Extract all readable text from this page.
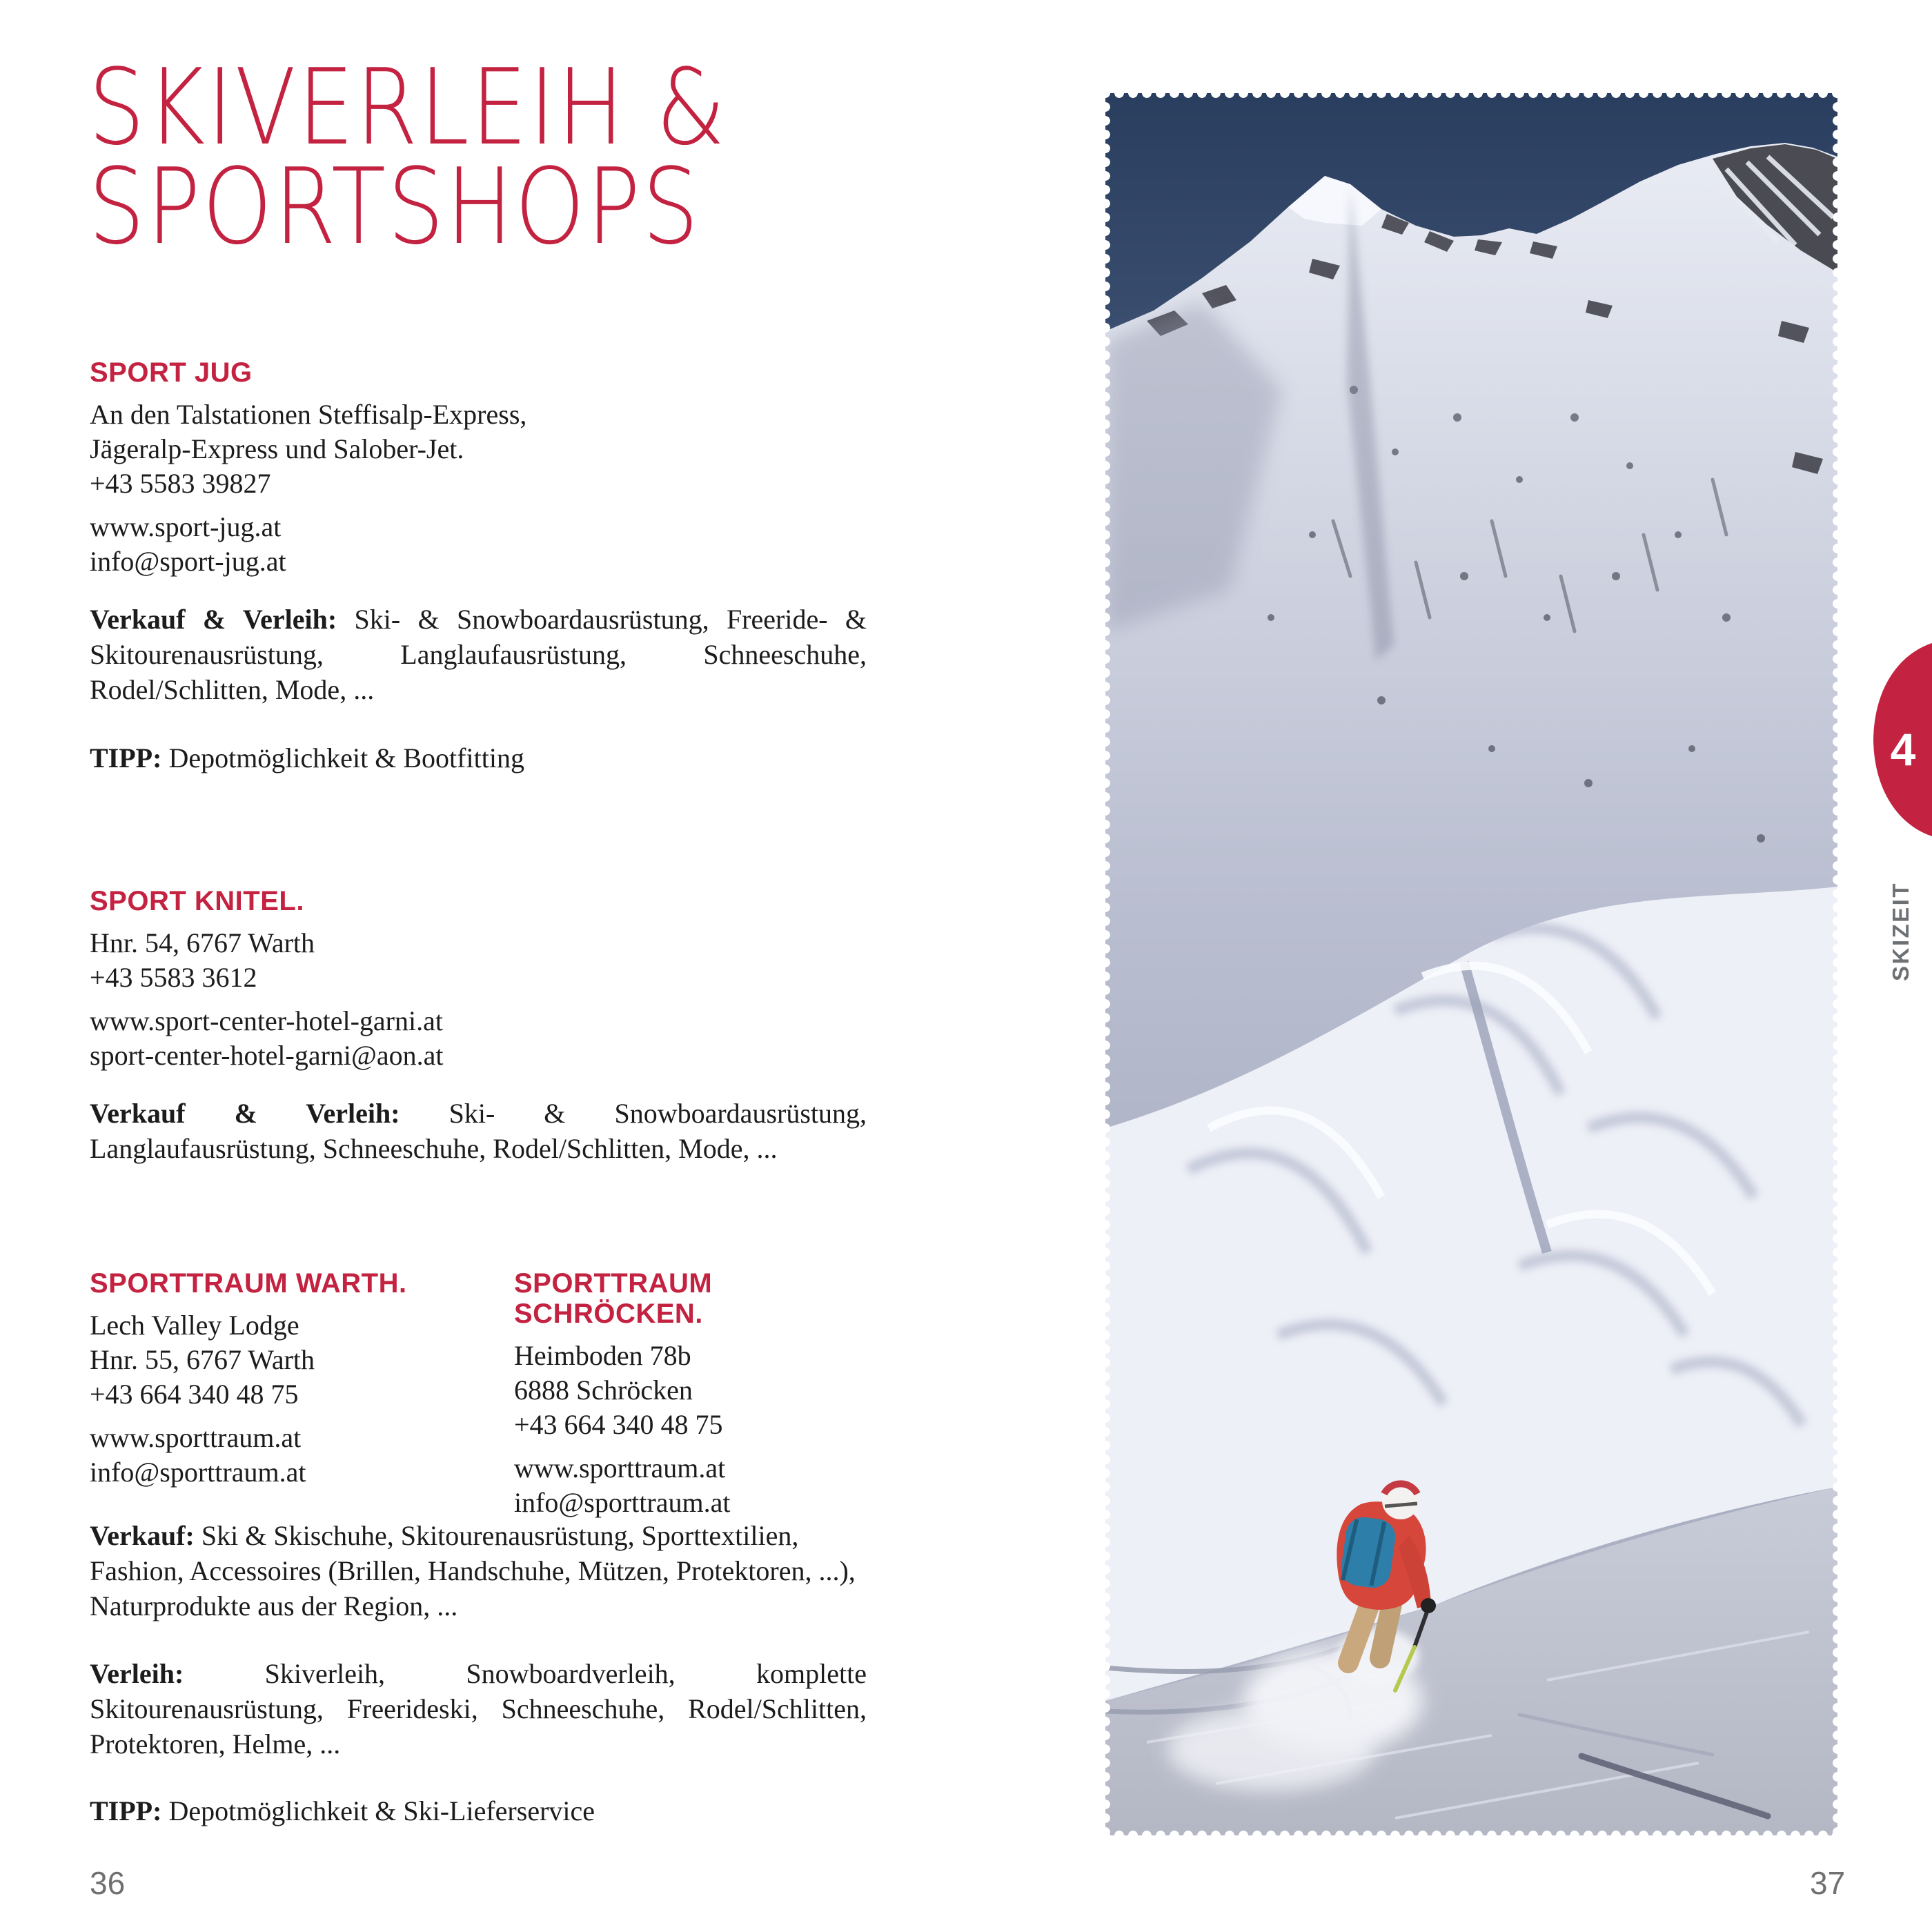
SKIVERLEIH &
SPORTSHOPS
SPORT JUG

An den Talstationen Steffisalp-Express,

Jägeralp-Express und Salober-Jet.

+43 5583 39827

www.sport-jug.at

info@sport-jug.at

Verkauf & Verleih: Ski- & Snowboardausrüstung, Freeride- & Skitourenausrüstung, Langlaufausrüstung, Schneeschuhe, Rodel/Schlitten, Mode, ...

TIPP: Depotmöglichkeit & Bootfitting

SPORT KNITEL.

Hnr. 54, 6767 Warth

+43 5583 3612

www.sport-center-hotel-garni.at

sport-center-hotel-garni@aon.at

Verkauf & Verleih: Ski- & Snowboardausrüstung, Langlaufausrüstung, Schneeschuhe, Rodel/Schlitten, Mode, ...

SPORTTRAUM WARTH.

Lech Valley Lodge

Hnr. 55, 6767 Warth

+43 664 340 48 75

www.sporttraum.at

info@sporttraum.at

SPORTTRAUM SCHRÖCKEN.

Heimboden 78b

6888 Schröcken

+43 664 340 48 75

www.sporttraum.at

info@sporttraum.at

Verkauf: Ski & Skischuhe, Skitourenausrüstung, Sporttextilien, Fashion, Accessoires (Brillen, Handschuhe, Mützen, Protektoren, ...), Naturprodukte aus der Region, ...

Verleih:	Skiverleih, Snowboardverleih, komplette Skitourenausrüstung, Freerideski, Schneeschuhe, Rodel/Schlitten, Protektoren, Helme, ...

TIPP: Depotmöglichkeit & Ski-Lieferservice

4
SKIZEIT
36	37
